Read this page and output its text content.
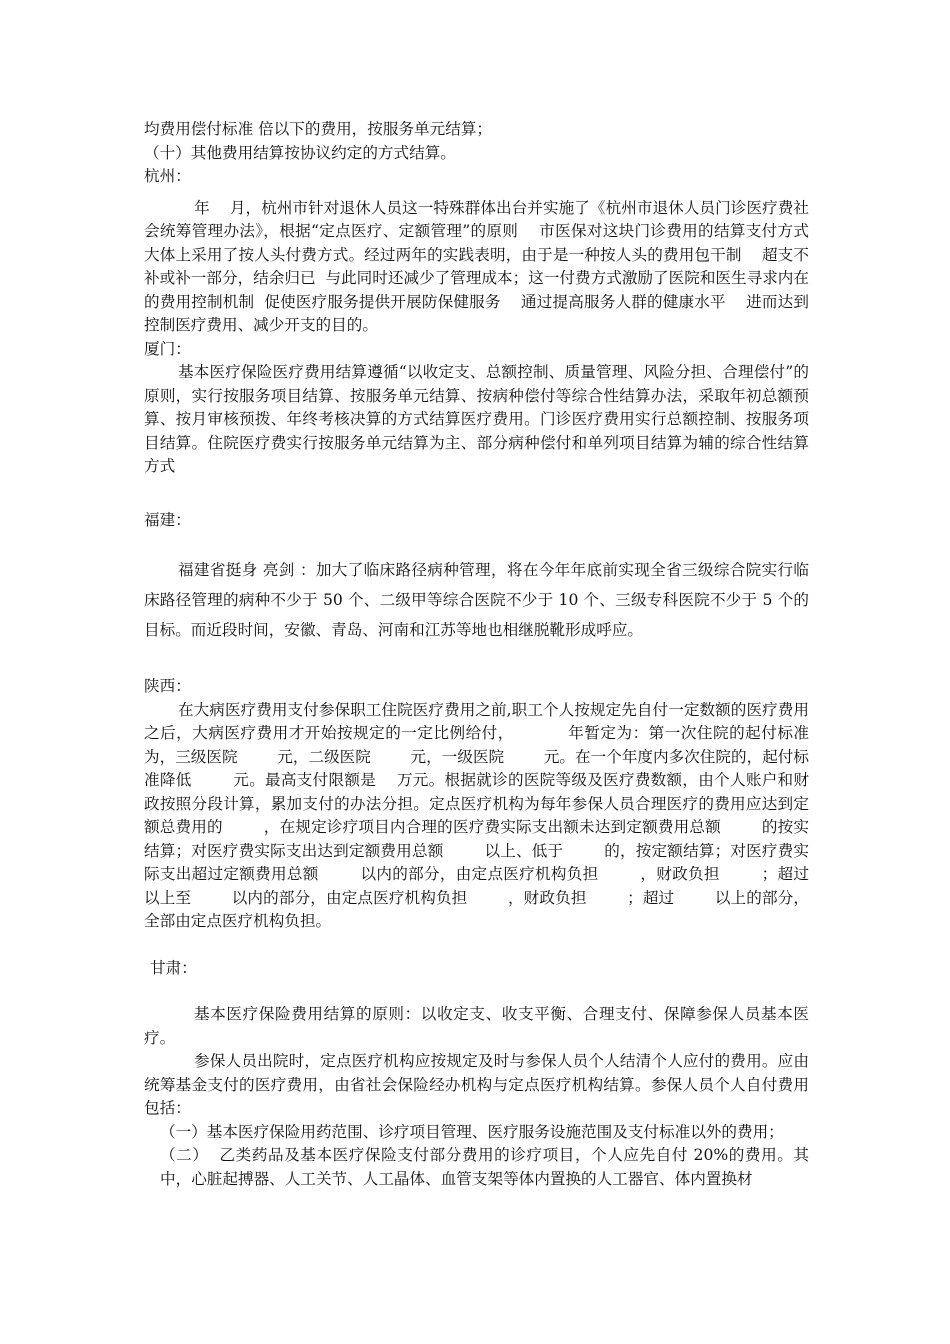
均费用偿付标准 倍以下的费用，按服务单元结算；

（十）其他费用结算按协议约定的方式结算。

杭州：

年    月，杭州市针对退休人员这一特殊群体出台并实施了《杭州市退休人员门诊医疗费社会统筹管理办法》，根据“定点医疗、定额管理”的原则    市医保对这块门诊费用的结算支付方式大体上采用了按人头付费方式。经过两年的实践表明，由于是一种按人头的费用包干制    超支不补或补一部分，结余归已  与此同时还减少了管理成本；这一付费方式激励了医院和医生寻求内在的费用控制机制  促使医疗服务提供开展防保健服务    通过提高服务人群的健康水平    进而达到控制医疗费用、减少开支的目的。

厦门：

基本医疗保险医疗费用结算遵循“以收定支、总额控制、质量管理、风险分担、合理偿付”的原则，实行按服务项目结算、按服务单元结算、按病种偿付等综合性结算办法，采取年初总额预算、按月审核预拨、年终考核决算的方式结算医疗费用。门诊医疗费用实行总额控制、按服务项目结算。住院医疗费实行按服务单元结算为主、部分病种偿付和单列项目结算为辅的综合性结算方式

福建：

福建省挺身 亮剑 ：加大了临床路径病种管理，将在今年年底前实现全省三级综合院实行临床路径管理的病种不少于 50 个、二级甲等综合医院不少于 10 个、三级专科医院不少于 5 个的目标。而近段时间，安徽、青岛、河南和江苏等地也相继脱靴形成呼应。

陕西：

在大病医疗费用支付参保职工住院医疗费用之前,职工个人按规定先自付一定数额的医疗费用之后，大病医疗费用才开始按规定的一定比例给付，          年暂定为：第一次住院的起付标准为，三级医院        元，二级医院        元，一级医院        元。在一个年度内多次住院的，起付标准降低        元。最高支付限额是    万元。根据就诊的医院等级及医疗费数额，由个人账户和财政按照分段计算，累加支付的办法分担。定点医疗机构为每年参保人员合理医疗的费用应达到定额总费用的        ，在规定诊疗项目内合理的医疗费实际支出额未达到定额费用总额        的按实结算；对医疗费实际支出达到定额费用总额        以上、低于        的，按定额结算；对医疗费实际支出超过定额费用总额        以内的部分，由定点医疗机构负担        ，财政负担        ；超过        以上至        以内的部分，由定点医疗机构负担        ，财政负担        ；超过        以上的部分，全部由定点医疗机构负担。

甘肃：

基本医疗保险费用结算的原则：以收定支、收支平衡、合理支付、保障参保人员基本医疗。

参保人员出院时，定点医疗机构应按规定及时与参保人员个人结清个人应付的费用。应由统筹基金支付的医疗费用，由省社会保险经办机构与定点医疗机构结算。参保人员个人自付费用包括：

（一）基本医疗保险用药范围、诊疗项目管理、医疗服务设施范围及支付标准以外的费用；

（二）  乙类药品及基本医疗保险支付部分费用的诊疗项目，个人应先自付 20%的费用。其中，心脏起搏器、人工关节、人工晶体、血管支架等体内置换的人工器官、体内置换材
